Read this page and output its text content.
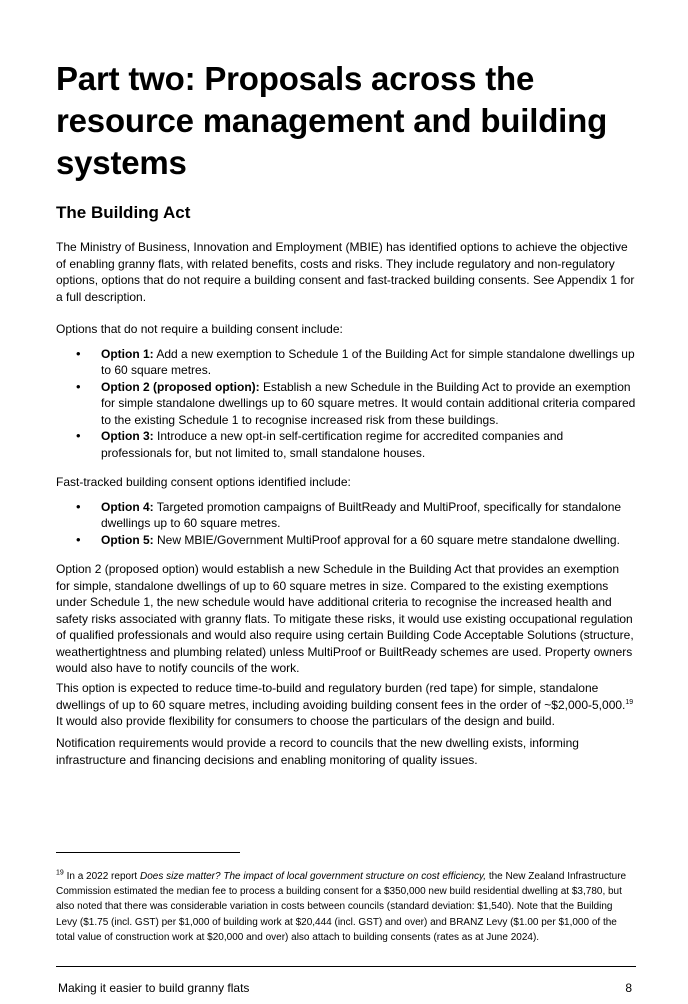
Part two: Proposals across the resource management and building systems
The Building Act

The Ministry of Business, Innovation and Employment (MBIE) has identified options to achieve the objective of enabling granny flats, with related benefits, costs and risks. They include regulatory and non-regulatory options, options that do not require a building consent and fast-tracked building consents. See Appendix 1 for a full description.

Options that do not require a building consent include:

• Option 1: Add a new exemption to Schedule 1 of the Building Act for simple standalone dwellings up to 60 square metres.
• Option 2 (proposed option): Establish a new Schedule in the Building Act to provide an exemption for simple standalone dwellings up to 60 square metres. It would contain additional criteria compared to the existing Schedule 1 to recognise increased risk from these buildings.
• Option 3: Introduce a new opt-in self-certification regime for accredited companies and professionals for, but not limited to, small standalone houses.

Fast-tracked building consent options identified include:

• Option 4: Targeted promotion campaigns of BuiltReady and MultiProof, specifically for standalone dwellings up to 60 square metres.
• Option 5: New MBIE/Government MultiProof approval for a 60 square metre standalone dwelling.

Option 2 (proposed option) would establish a new Schedule in the Building Act that provides an exemption for simple, standalone dwellings of up to 60 square metres in size. Compared to the existing exemptions under Schedule 1, the new schedule would have additional criteria to recognise the increased health and safety risks associated with granny flats. To mitigate these risks, it would use existing occupational regulation of qualified professionals and would also require using certain Building Code Acceptable Solutions (structure, weathertightness and plumbing related) unless MultiProof or BuiltReady schemes are used. Property owners would also have to notify councils of the work.

This option is expected to reduce time-to-build and regulatory burden (red tape) for simple, standalone dwellings of up to 60 square metres, including avoiding building consent fees in the order of ~$2,000-5,000.19 It would also provide flexibility for consumers to choose the particulars of the design and build.

Notification requirements would provide a record to councils that the new dwelling exists, informing infrastructure and financing decisions and enabling monitoring of quality issues.

$^{19}$ In a 2022 report Does size matter? The impact of local government structure on cost efficiency, the New Zealand Infrastructure Commission estimated the median fee to process a building consent for a $350,000 new build residential dwelling at $3,780, but also noted that there was considerable variation in costs between councils (standard deviation: $1,540). Note that the Building Levy ($1.75 (incl. GST) per $1,000 of building work at $20,444 (incl. GST) and over) and BRANZ Levy ($1.00 per $1,000 of the total value of construction work at $20,000 and over) also attach to building consents (rates as at June 2024).
Making it easier to build granny flats	8
